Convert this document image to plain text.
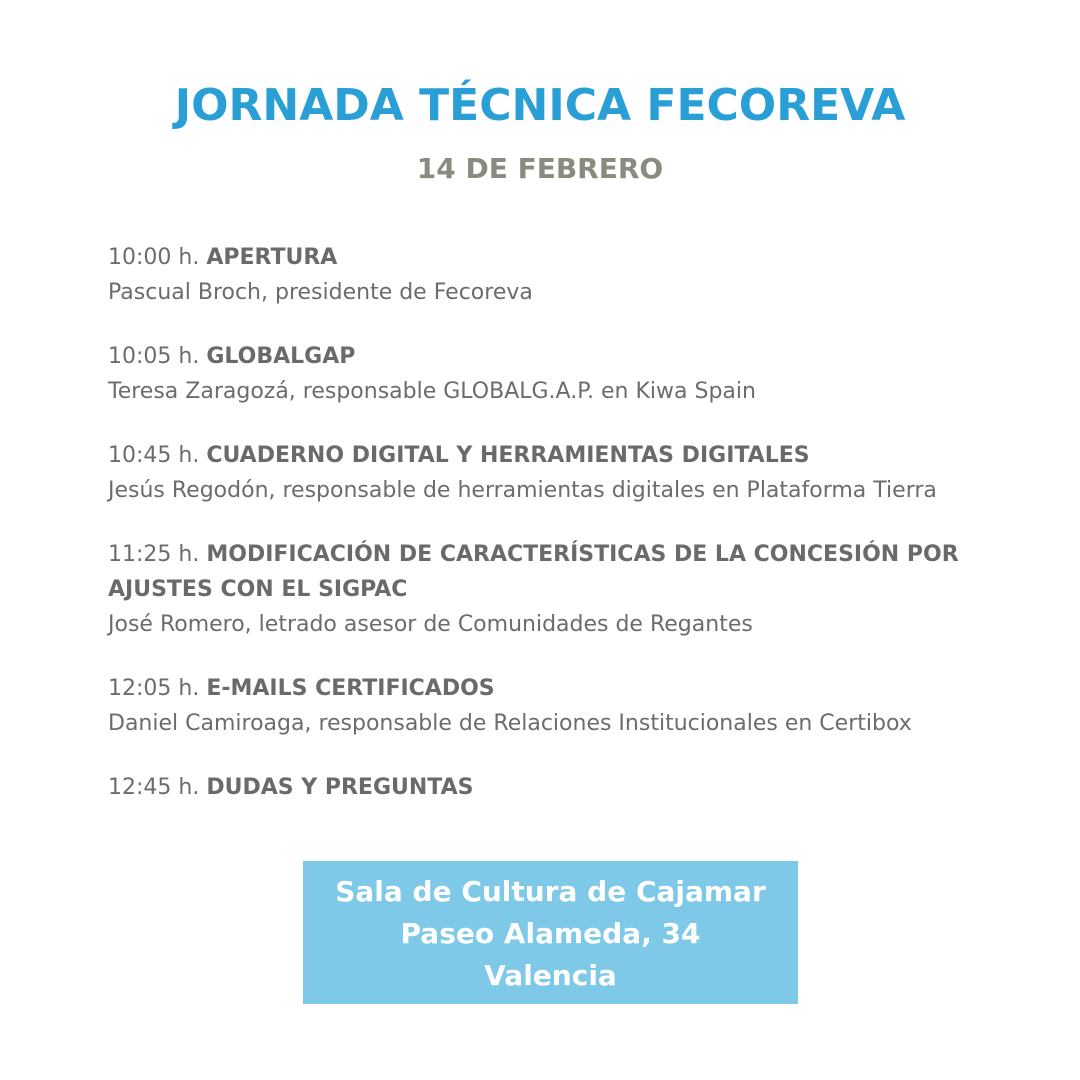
JORNADA TÉCNICA FECOREVA
14 DE FEBRERO
10:00 h. APERTURA
Pascual Broch, presidente de Fecoreva
10:05 h. GLOBALGAP
Teresa Zaragozá, responsable GLOBALG.A.P. en Kiwa Spain
10:45 h. CUADERNO DIGITAL Y HERRAMIENTAS DIGITALES
Jesús Regodón, responsable de herramientas digitales en Plataforma Tierra
11:25 h. MODIFICACIÓN DE CARACTERÍSTICAS DE LA CONCESIÓN POR AJUSTES CON EL SIGPAC
José Romero, letrado asesor de Comunidades de Regantes
12:05 h. E-MAILS CERTIFICADOS
Daniel Camiroaga, responsable de Relaciones Institucionales en Certibox
12:45 h. DUDAS Y PREGUNTAS
Sala de Cultura de Cajamar
Paseo Alameda, 34
Valencia
